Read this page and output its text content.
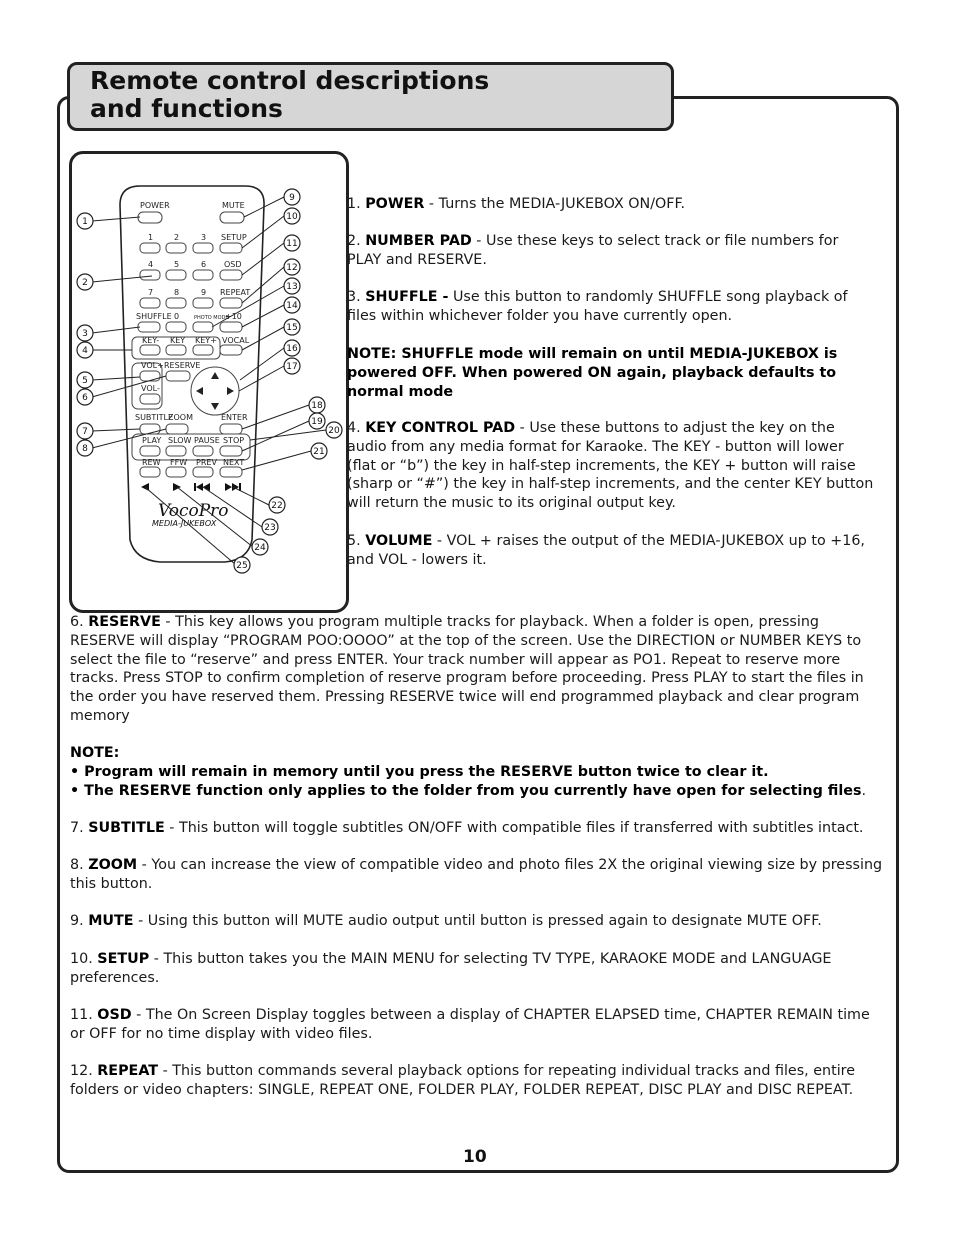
Remote control descriptions
and functions
POWER	MUTE
1	2	3 SETUP
4	5	6 OSD
7	8	9 REPEAT
SHUFFLE 0	PHOTO MODE
+10
KEY- KEY KEY+ VOCAL
VOL+ RESERVE
VOL-
SUBTITLE
ZOOM	ENTER
PLAY SLOW PAUSE STOP
REW FFW PREV NEXT
VocoPro
MEDIA-JUKEBOX
1
2
3
4
5
6
7
8
9
10
11
12
13
14
15
16
17
18
19
20
21
22
23
24
25

1. POWER - Turns the MEDIA-JUKEBOX ON/OFF.

2. NUMBER PAD - Use these keys to select track or file numbers for PLAY and RESERVE.

3. SHUFFLE - Use this button to randomly SHUFFLE song playback of files within whichever folder you have currently open.

NOTE: SHUFFLE mode will remain on until MEDIA-JUKEBOX is powered OFF. When powered ON again, playback defaults to normal mode

4. KEY CONTROL PAD - Use these buttons to adjust the key on the audio from any media format for Karaoke. The KEY - button will lower (flat or “b”) the key in half-step increments, the KEY + button will raise (sharp or “#”) the key in half-step increments, and the center KEY button will return the music to its original output key.

5. VOLUME - VOL + raises the output of the MEDIA-JUKEBOX up to +16, and VOL - lowers it.

6. RESERVE - This key allows you program multiple tracks for playback. When a folder is open, pressing RESERVE will display “PROGRAM POO:OOOO” at the top of the screen. Use the DIRECTION or NUMBER KEYS to select the file to “reserve” and press ENTER. Your track number will appear as PO1. Repeat to reserve more tracks. Press STOP to confirm completion of reserve program before proceeding. Press PLAY to start the files in the order you have reserved them. Pressing RESERVE twice will end programmed playback and clear program memory

NOTE:

• Program will remain in memory until you press the RESERVE button twice to clear it.

• The RESERVE function only applies to the folder from you currently have open for selecting files.

7. SUBTITLE - This button will toggle subtitles ON/OFF with compatible files if transferred with subtitles intact.

8. ZOOM - You can increase the view of compatible video and photo files 2X the original viewing size by pressing this button.

9. MUTE - Using this button will MUTE audio output until button is pressed again to designate MUTE OFF.

10. SETUP - This button takes you the MAIN MENU for selecting TV TYPE, KARAOKE MODE and LANGUAGE preferences.

11. OSD - The On Screen Display toggles between a display of CHAPTER ELAPSED time, CHAPTER REMAIN time or OFF for no time display with video files.

12. REPEAT - This button commands several playback options for repeating individual tracks and files, entire folders or video chapters: SINGLE, REPEAT ONE, FOLDER PLAY, FOLDER REPEAT, DISC PLAY and DISC REPEAT.

10
